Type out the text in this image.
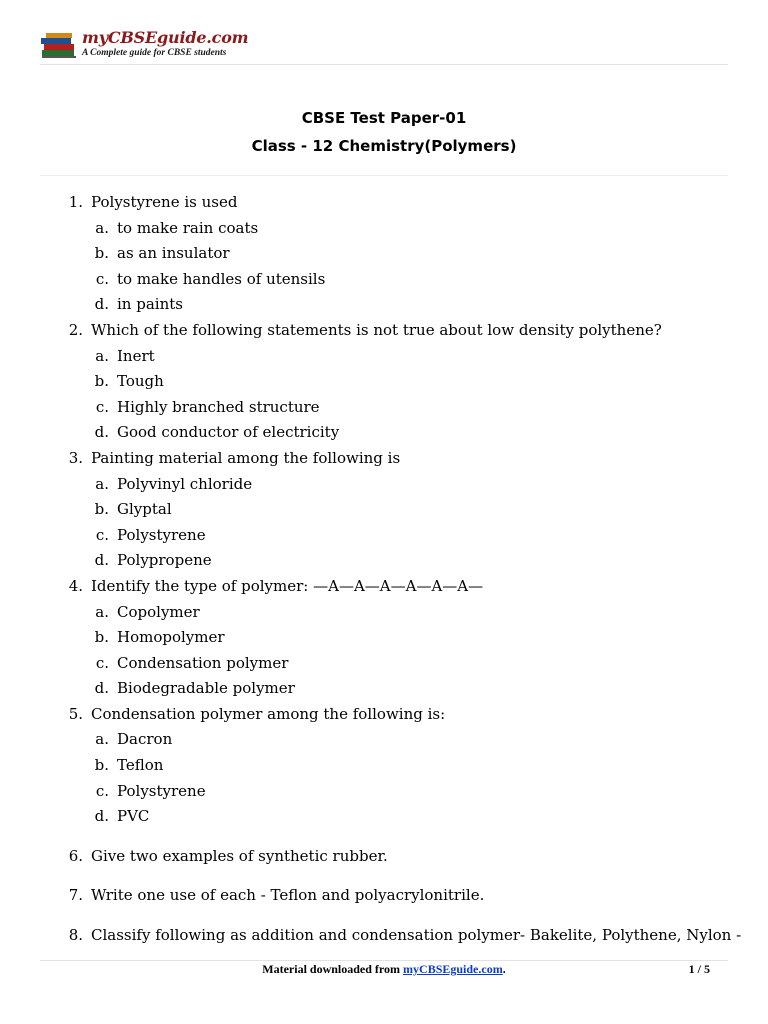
myCBSEguide.com
A Complete guide for CBSE students
CBSE Test Paper-01
Class - 12 Chemistry(Polymers)
1. Polystyrene is used
a. to make rain coats
b. as an insulator
c. to make handles of utensils
d. in paints
2. Which of the following statements is not true about low density polythene?
a. Inert
b. Tough
c. Highly branched structure
d. Good conductor of electricity
3. Painting material among the following is
a. Polyvinyl chloride
b. Glyptal
c. Polystyrene
d. Polypropene
4. Identify the type of polymer: —A—A—A—A—A—A—
a. Copolymer
b. Homopolymer
c. Condensation polymer
d. Biodegradable polymer
5. Condensation polymer among the following is:
a. Dacron
b. Teflon
c. Polystyrene
d. PVC
6. Give two examples of synthetic rubber.
7. Write one use of each - Teflon and polyacrylonitrile.
8. Classify following as addition and condensation polymer- Bakelite, Polythene, Nylon -
Material downloaded from myCBSEguide.com.	1 / 5
